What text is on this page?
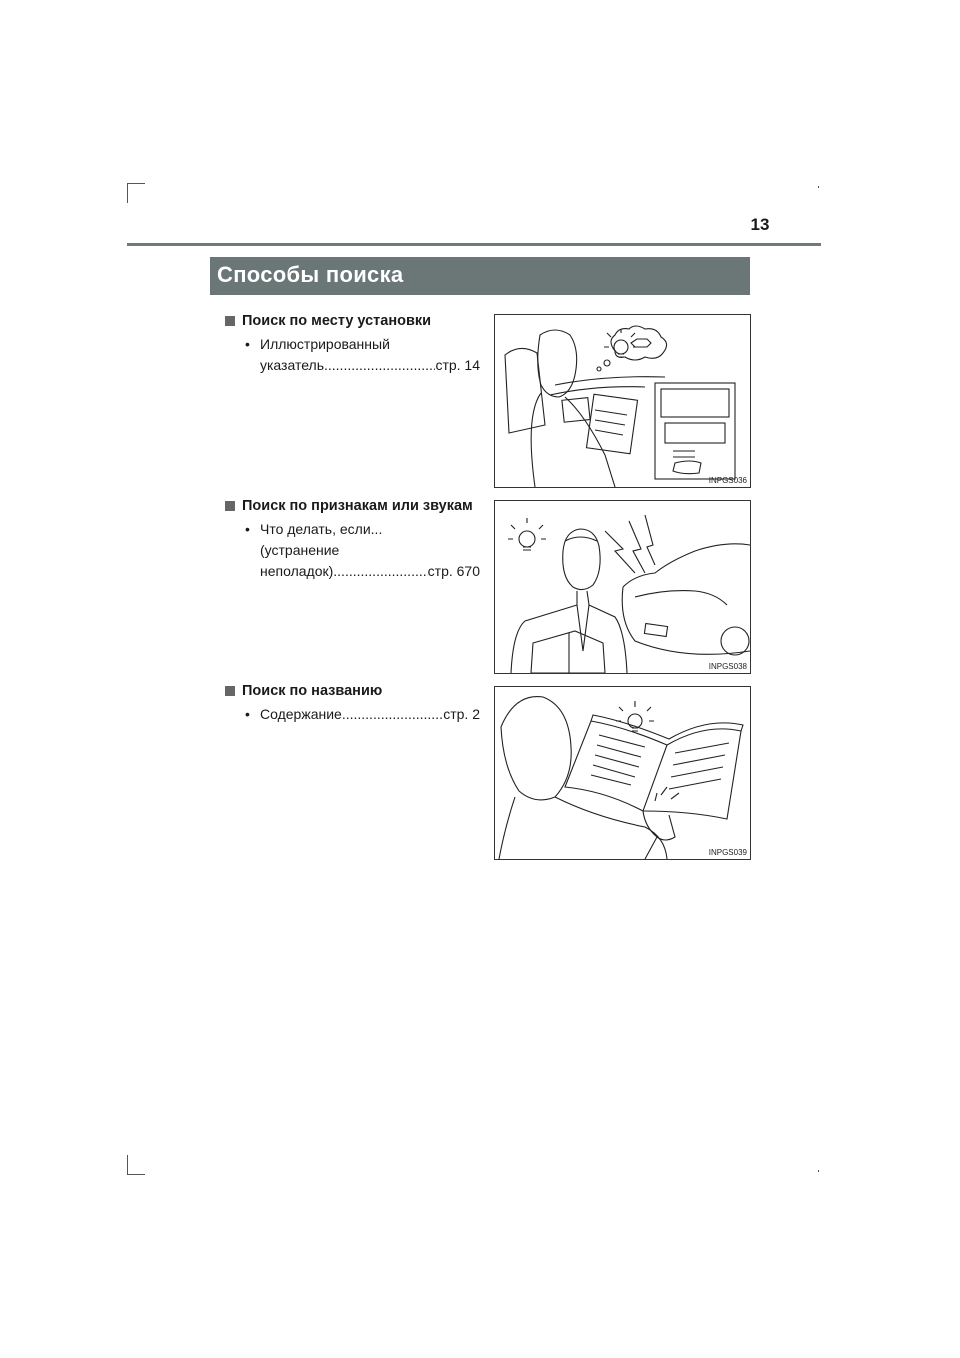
13
Способы поиска
Поиск по месту установки
• Иллюстрированный
указатель .....	стр. 14
Поиск по признакам или звукам
• Что делать, если...
(устранение
неполадок) .....	стр. 670
Поиск по названию
• Содержание .....	стр. 2
INPGS036
INPGS038
INPGS039
